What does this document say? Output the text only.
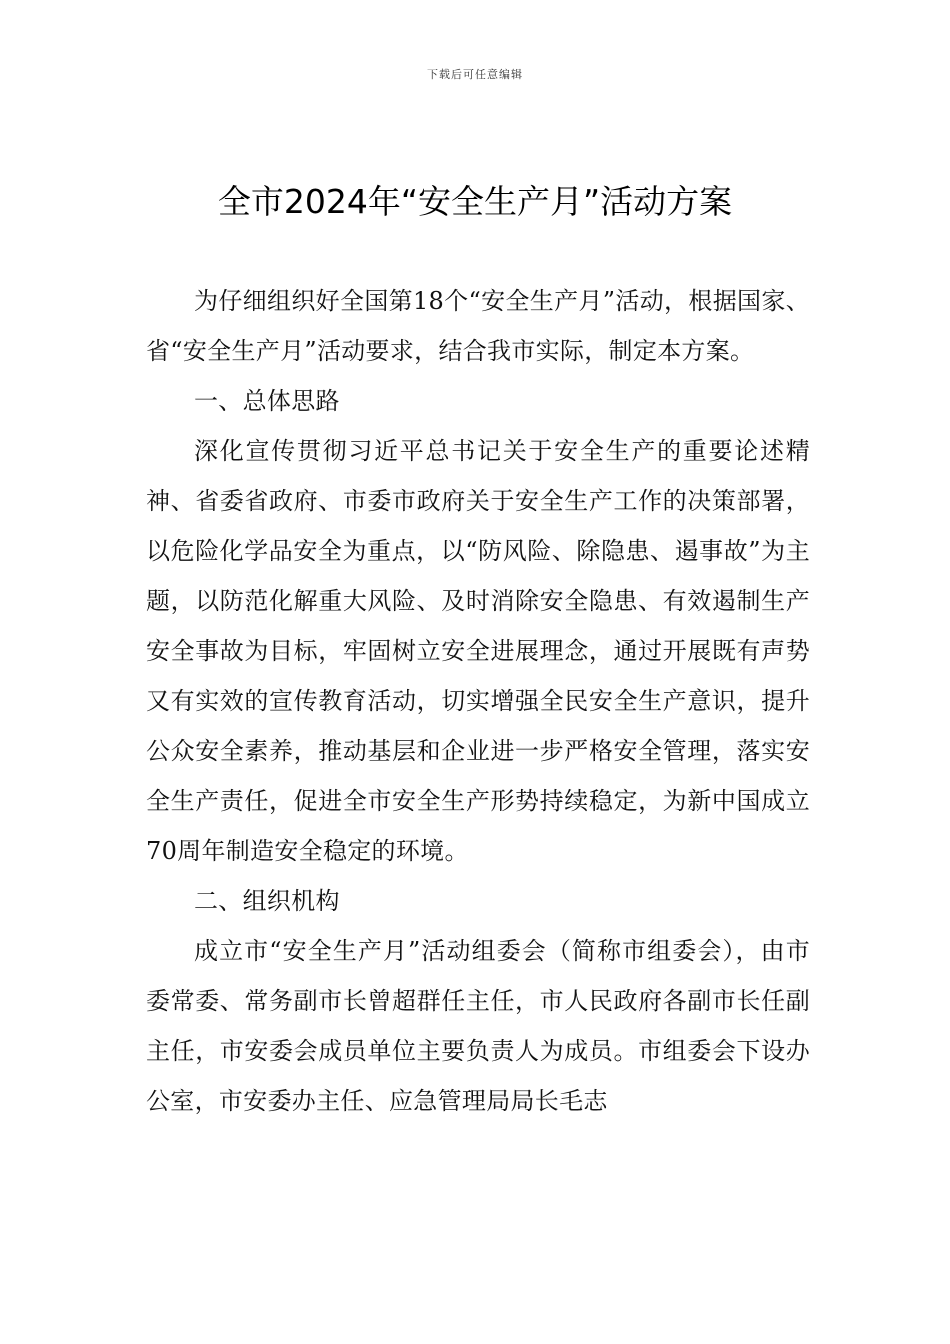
下载后可任意编辑
全市2024年“安全生产月”活动方案

为仔细组织好全国第18个“安全生产月”活动，根据国家、省“安全生产月”活动要求，结合我市实际，制定本方案。

一、总体思路

深化宣传贯彻习近平总书记关于安全生产的重要论述精神、省委省政府、市委市政府关于安全生产工作的决策部署，以危险化学品安全为重点，以“防风险、除隐患、遏事故”为主题，以防范化解重大风险、及时消除安全隐患、有效遏制生产安全事故为目标，牢固树立安全进展理念，通过开展既有声势又有实效的宣传教育活动，切实增强全民安全生产意识，提升公众安全素养，推动基层和企业进一步严格安全管理，落实安全生产责任，促进全市安全生产形势持续稳定，为新中国成立70周年制造安全稳定的环境。

二、组织机构

成立市“安全生产月”活动组委会（简称市组委会），由市委常委、常务副市长曾超群任主任，市人民政府各副市长任副主任，市安委会成员单位主要负责人为成员。市组委会下设办公室，市安委办主任、应急管理局局长毛志
